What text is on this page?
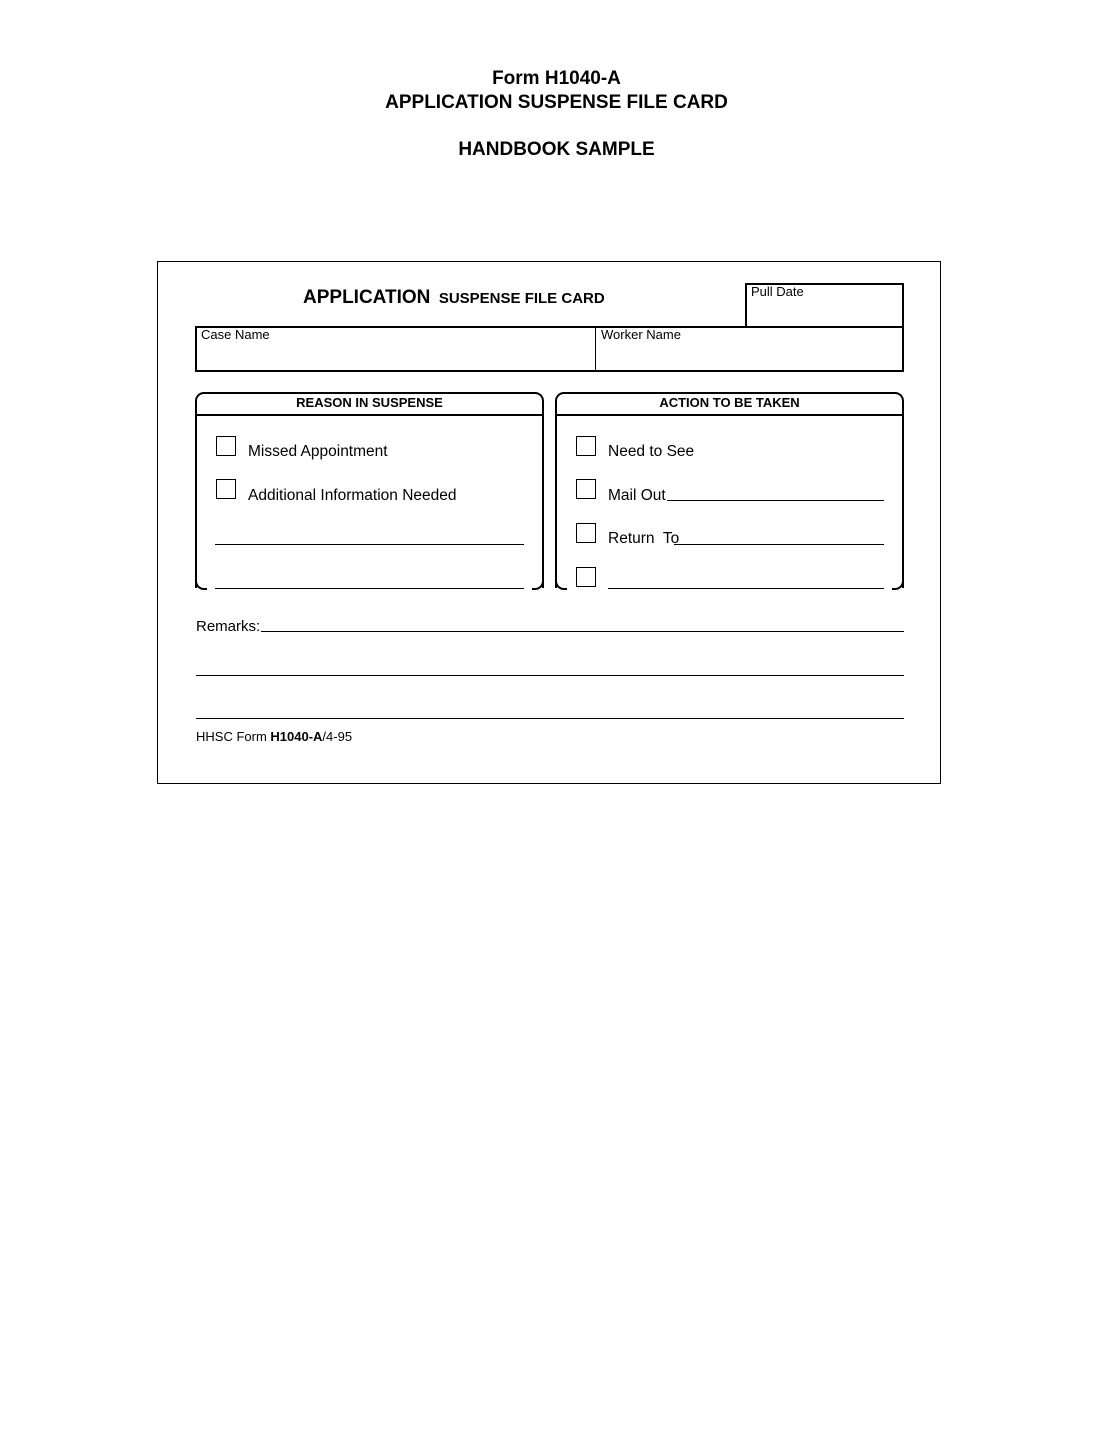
Form H1040-A
APPLICATION SUSPENSE FILE CARD
HANDBOOK SAMPLE
APPLICATION SUSPENSE FILE CARD	Pull Date
Case Name	Worker Name
REASON IN SUSPENSE
Missed Appointment
Additional Information Needed
ACTION TO BE TAKEN
Need to See
Mail Out
Return  To
Remarks:
HHSC Form H1040-A/4-95
